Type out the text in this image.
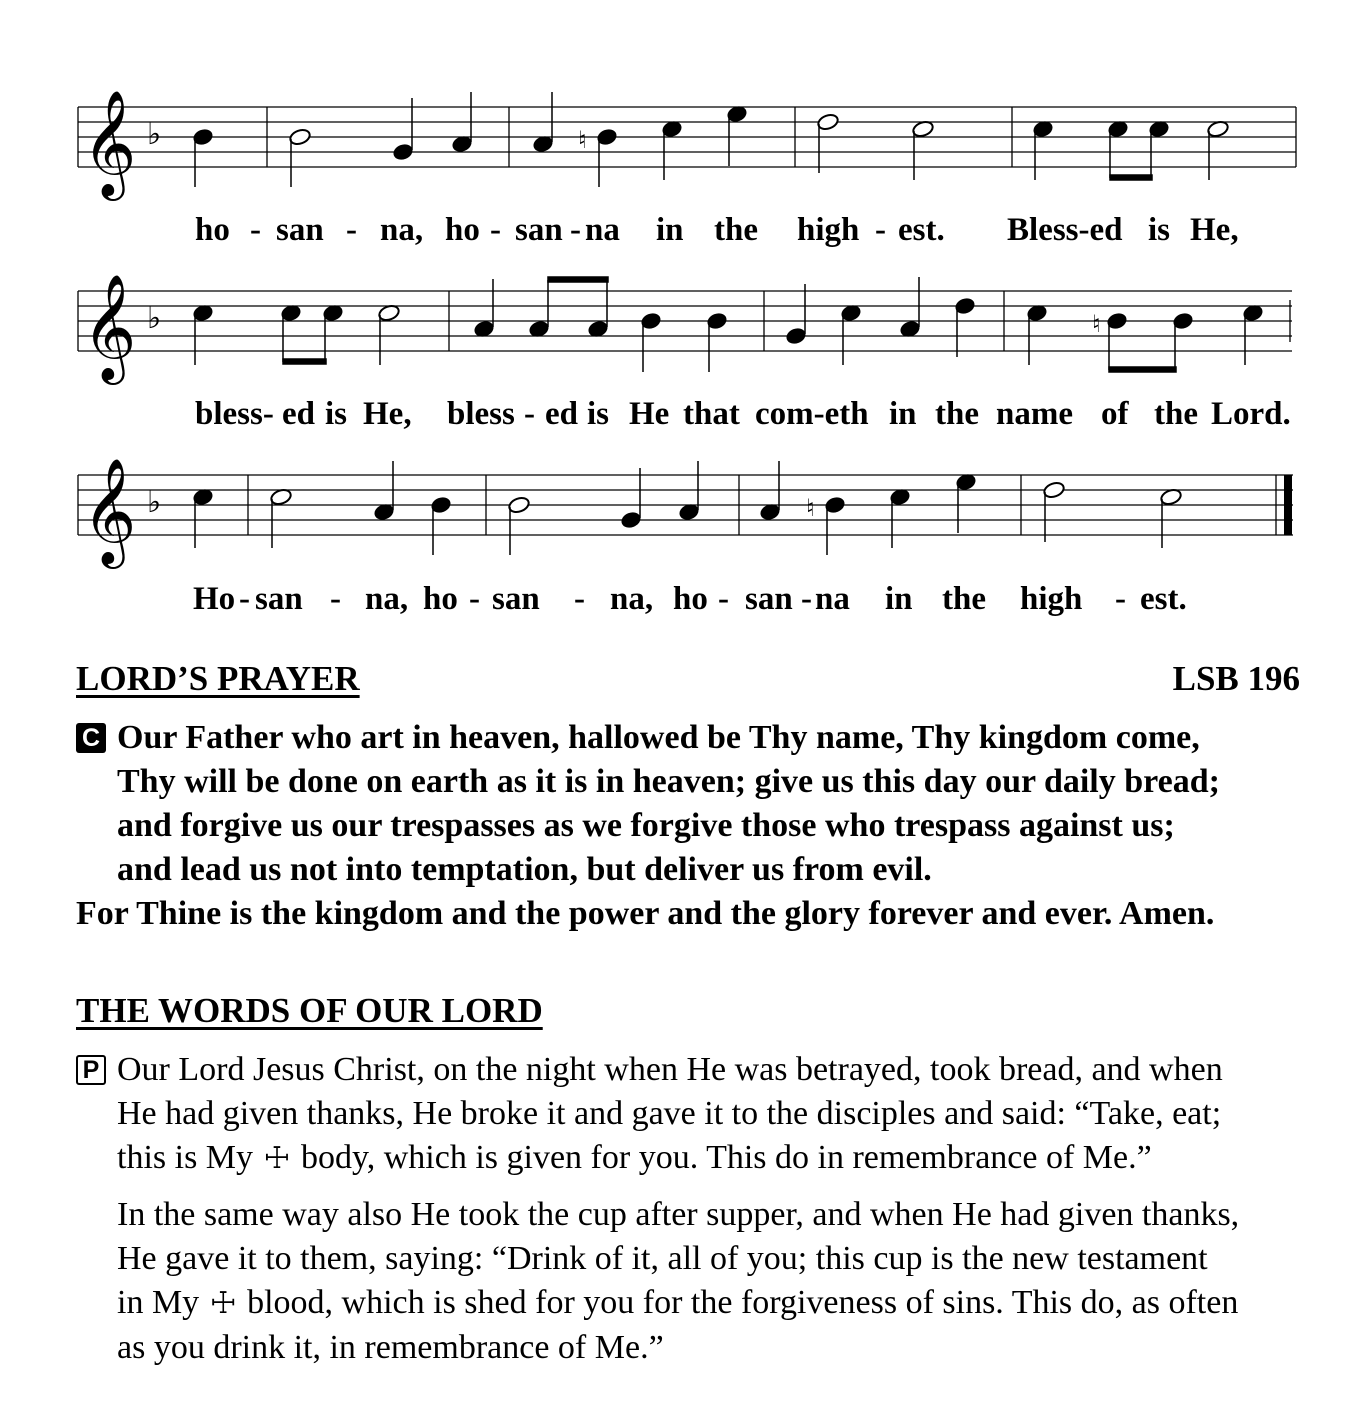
𝄞 ♭	♮
ho - san - na, ho - san - na in the high - est. Bless-ed is He,
𝄞 ♭	♮
bless- ed is He, bless - ed is He that com-eth in the name of the Lord.
𝄞 ♭	♮
Ho - san - na, ho - san - na, ho - san - na in the high - est.
LORD’S PRAYER	LSB 196
C Our Father who art in heaven, hallowed be Thy name, Thy kingdom come,
Thy will be done on earth as it is in heaven; give us this day our daily bread;
and forgive us our trespasses as we forgive those who trespass against us;
and lead us not into temptation, but deliver us from evil.
For Thine is the kingdom and the power and the glory forever and ever. Amen.
THE WORDS OF OUR LORD
P Our Lord Jesus Christ, on the night when He was betrayed, took bread, and when
He had given thanks, He broke it and gave it to the disciples and said: “Take, eat;
this is My ☩ body, which is given for you. This do in remembrance of Me.”
In the same way also He took the cup after supper, and when He had given thanks,
He gave it to them, saying: “Drink of it, all of you; this cup is the new testament
in My ☩ blood, which is shed for you for the forgiveness of sins. This do, as often
as you drink it, in remembrance of Me.”
